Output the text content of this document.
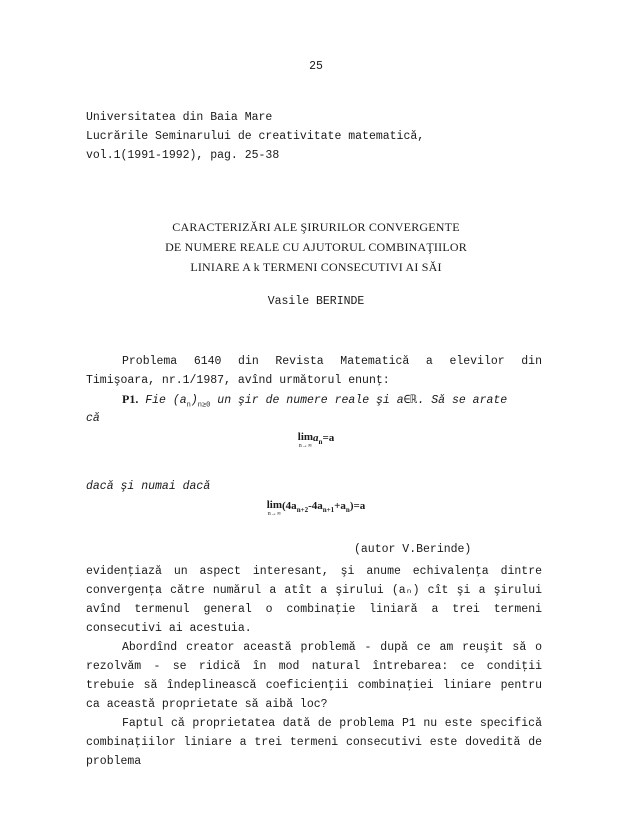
25
Universitatea din Baia Mare
Lucrările Seminarului de creativitate matematică,
vol.1(1991-1992), pag. 25-38
CARACTERIZĂRI ALE ŞIRURILOR CONVERGENTE
DE NUMERE REALE CU AJUTORUL COMBINAŢIILOR
LINIARE A k TERMENI CONSECUTIVI AI SĂI
Vasile BERINDE
Problema 6140 din Revista Matematică a elevilor din
Timişoara, nr.1/1987, avînd următorul enunţ:
P1. Fie $(a_n)_{n\ge 0}$ un şir de numere reale şi a∈ℝ. Să se arate
că
lim
n→∞
$a_n=a$
dacă şi numai dacă
lim
n→∞
$(4a_{n+2}-4a_{n+1}+a_n)=a$
(autor V.Berinde)
evidenţiază un aspect interesant, şi anume echivalenţa dintre
convergenţa către numărul a atît a şirului (aₙ) cît şi a şirului
avînd termenul general o combinaţie liniară a trei termeni
consecutivi ai acestuia.
Abordînd creator această problemă - după ce am reuşit să o
rezolvăm - se ridică în mod natural întrebarea: ce condiţii
trebuie să îndeplinească coeficienţii combinaţiei liniare pentru
ca această proprietate să aibă loc?
Faptul că proprietatea dată de problema P1 nu este specifică
combinaţiilor liniare a trei termeni consecutivi este dovedită de
problema
